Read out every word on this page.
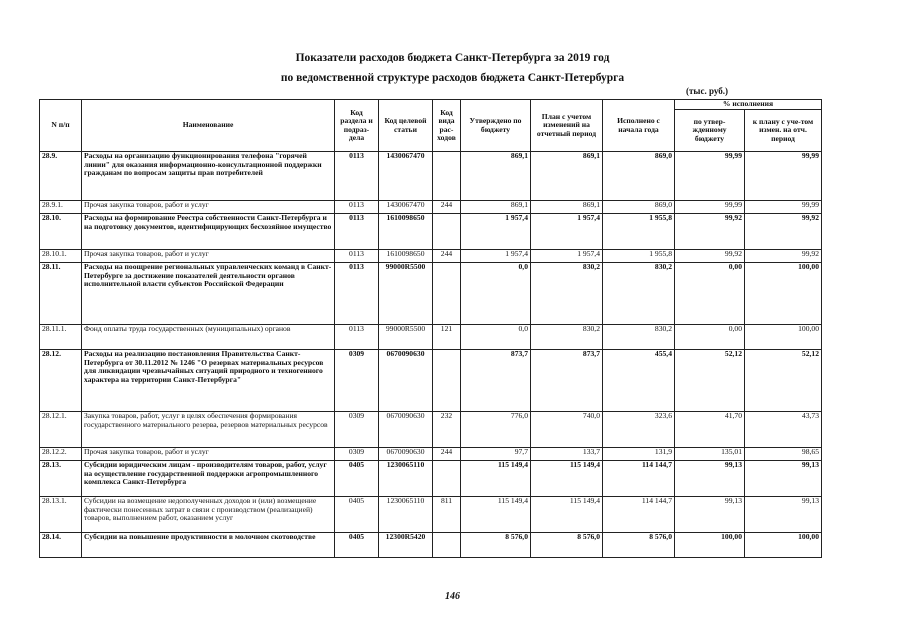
Показатели расходов бюджета Санкт-Петербурга за 2019 год
по ведомственной структуре расходов бюджета Санкт-Петербурга
(тыс. руб.)
N п/п	Наименование	Код раздела и подраз-дела	Код целевой статьи	Код вида рас-ходов	Утверждено по бюджету	План с учетом изменений на отчетный период	Исполнено с начала года	% исполнения	
								по утвер-жденному бюджету	к плану с уче-том измен. на отч. период
28.9.	Расходы на организацию функционирования телефона "горячей линии" для оказания информационно-консультационной поддержки гражданам по вопросам защиты прав потребителей	0113	1430067470		869,1	869,1	869,0	99,99	99,99
28.9.1.	Прочая закупка товаров, работ и услуг	0113	1430067470	244	869,1	869,1	869,0	99,99	99,99
28.10.	Расходы на формирование Реестра собственности Санкт-Петербурга и на подготовку документов, идентифицирующих бесхозяйное имущество	0113	1610098650		1 957,4	1 957,4	1 955,8	99,92	99,92
28.10.1.	Прочая закупка товаров, работ и услуг	0113	1610098650	244	1 957,4	1 957,4	1 955,8	99,92	99,92
28.11.	Расходы на поощрение региональных управленческих команд в Санкт-Петербурге за достижение показателей деятельности органов исполнительной власти субъектов Российской Федерации	0113	99000R5500		0,0	830,2	830,2	0,00	100,00
28.11.1.	Фонд оплаты труда государственных (муниципальных) органов	0113	99000R5500	121	0,0	830,2	830,2	0,00	100,00
28.12.	Расходы на реализацию постановления Правительства Санкт-Петербурга от 30.11.2012 № 1246 "О резервах материальных ресурсов для ликвидации чрезвычайных ситуаций природного и техногенного характера на территории Санкт-Петербурга"	0309	0670090630		873,7	873,7	455,4	52,12	52,12
28.12.1.	Закупка товаров, работ, услуг в целях обеспечения формирования государственного материального резерва, резервов материальных ресурсов	0309	0670090630	232	776,0	740,0	323,6	41,70	43,73
28.12.2.	Прочая закупка товаров, работ и услуг	0309	0670090630	244	97,7	133,7	131,9	135,01	98,65
28.13.	Субсидии юридическим лицам - производителям товаров, работ, услуг на осуществление государственной поддержки агропромышленного комплекса Санкт-Петербурга	0405	1230065110		115 149,4	115 149,4	114 144,7	99,13	99,13
28.13.1.	Субсидии на возмещение недополученных доходов и (или) возмещение фактически понесенных затрат в связи с производством (реализацией) товаров, выполнением работ, оказанием услуг	0405	1230065110	811	115 149,4	115 149,4	114 144,7	99,13	99,13
28.14.	Субсидии на повышение продуктивности в молочном скотоводстве	0405	12300R5420		8 576,0	8 576,0	8 576,0	100,00	100,00
146
